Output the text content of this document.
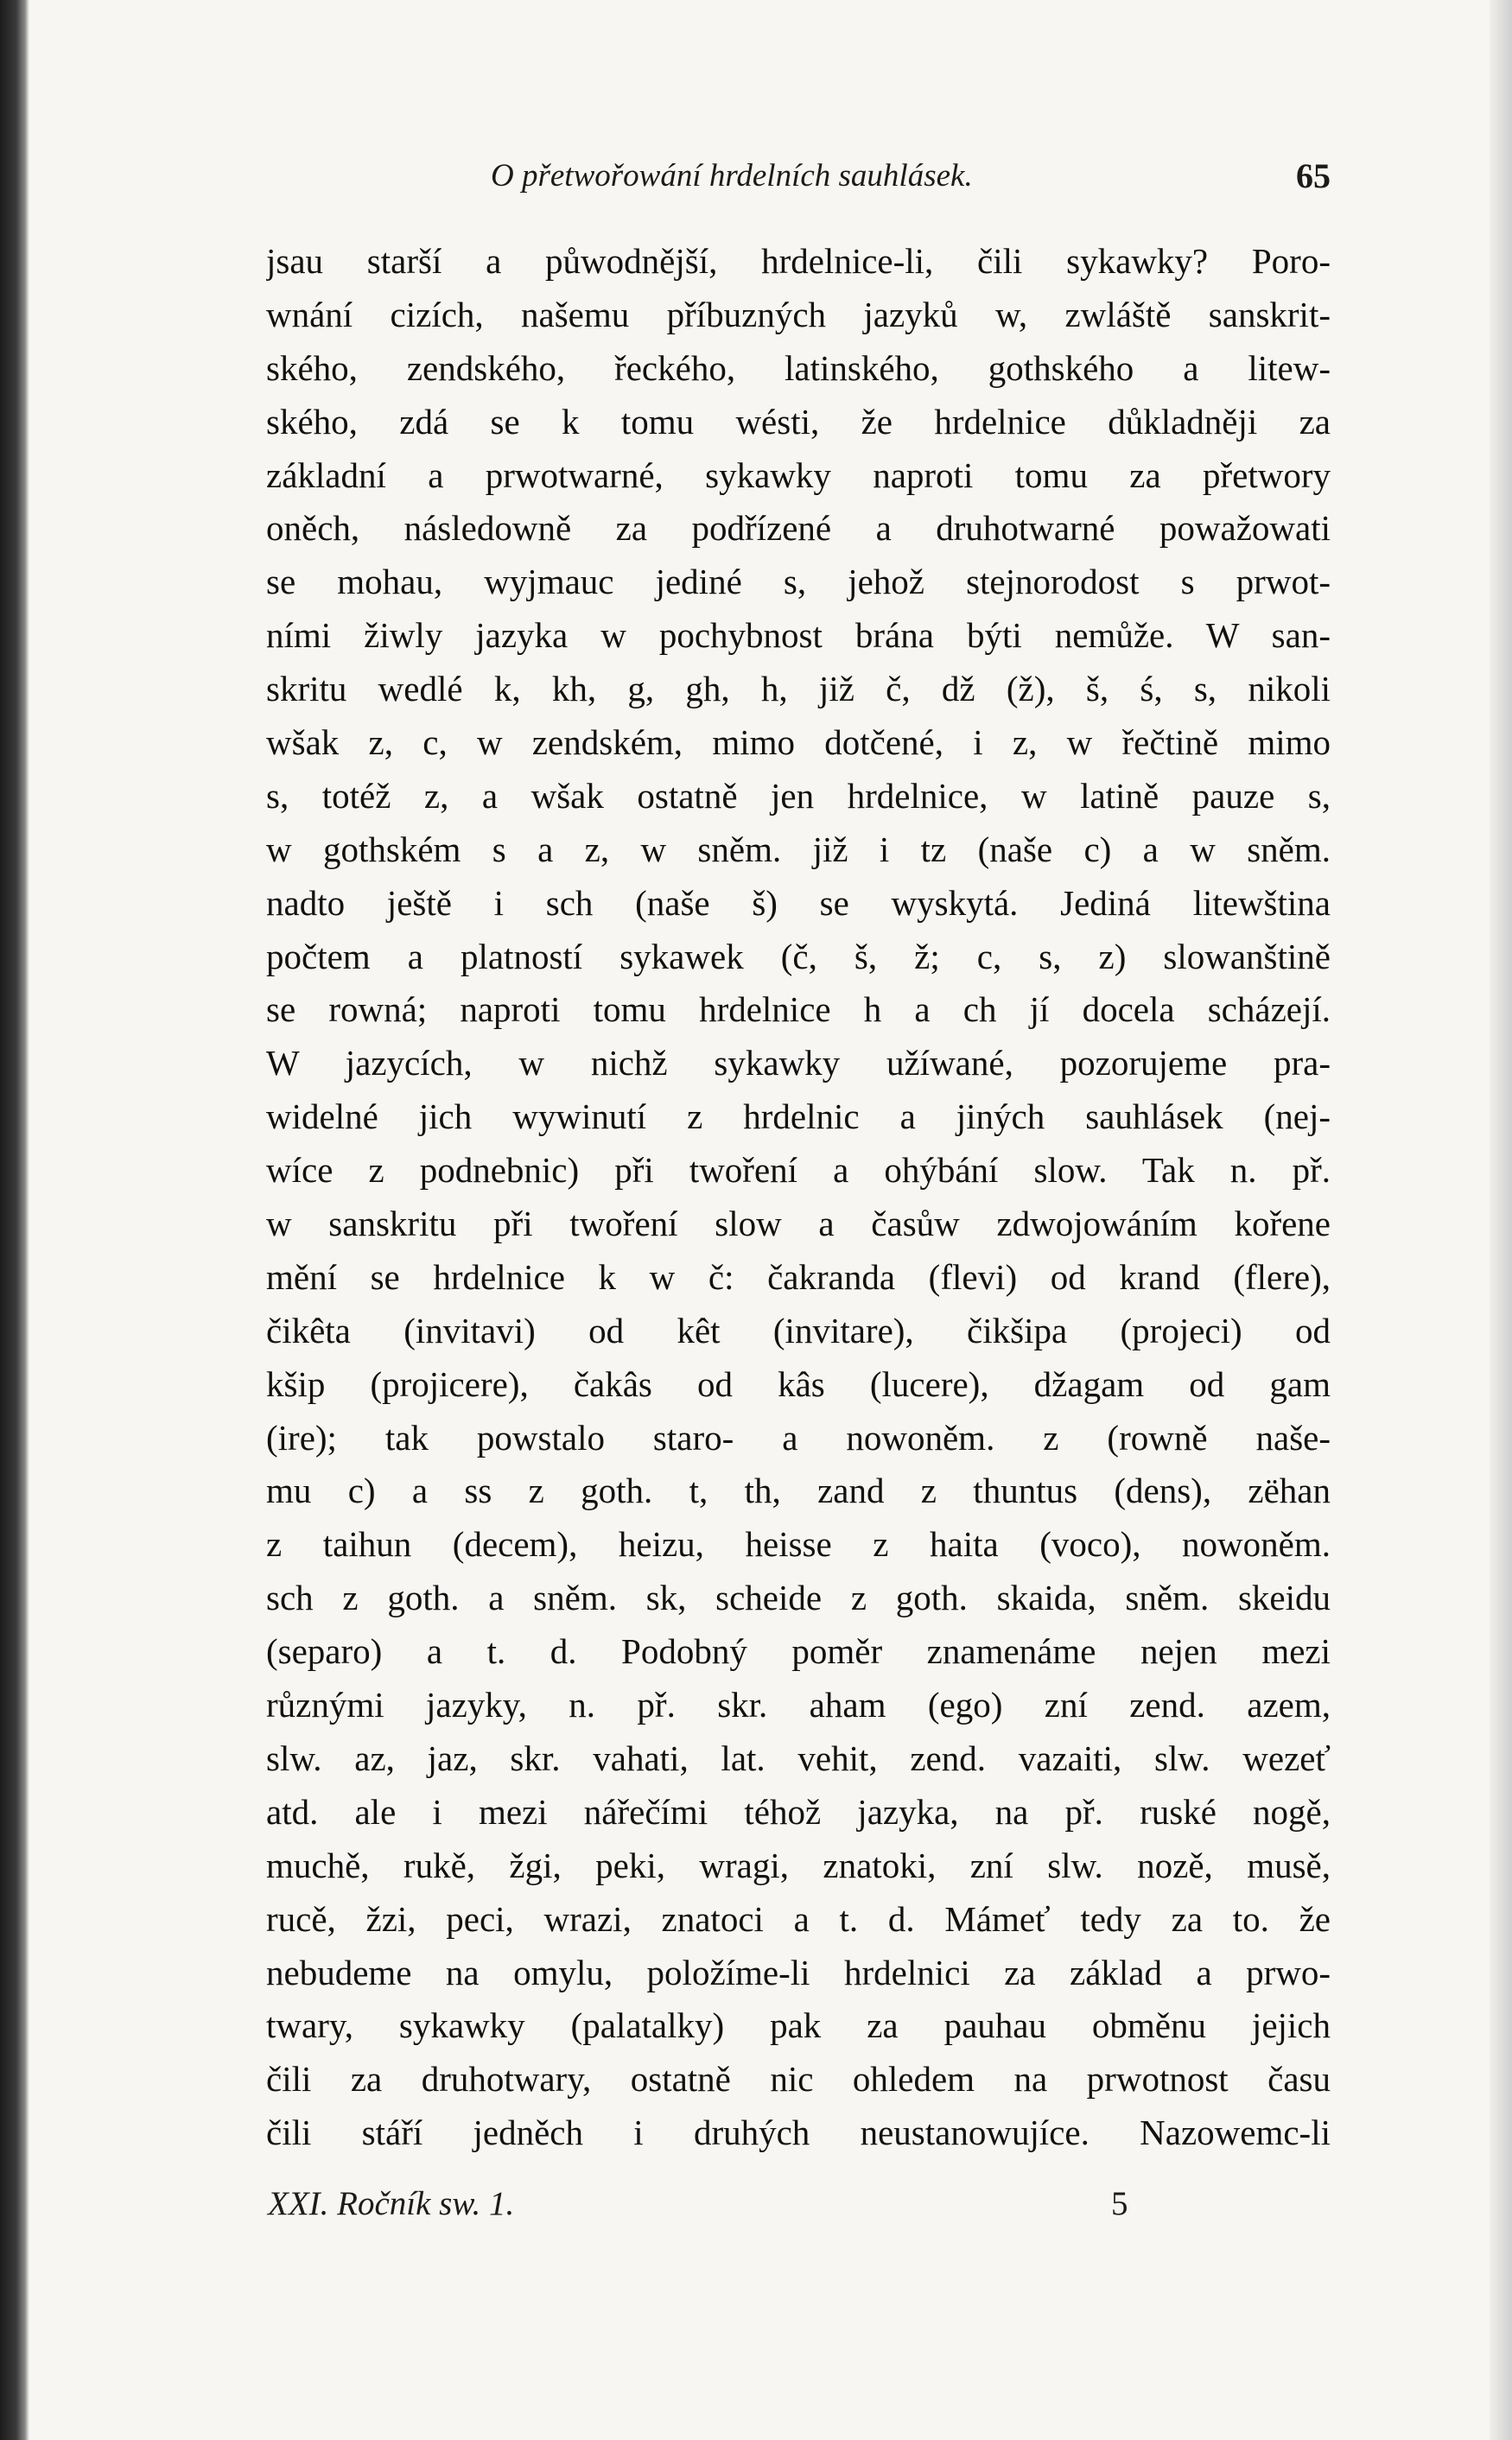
O přetwořowání hrdelních sauhlásek.	65
jsau starší a půwodnější, hrdelnice-li, čili sykawky? Poro-
wnání cizích, našemu příbuzných jazyků w, zwláště sanskrit-
ského, zendského, řeckého, latinského, gothského a litew-
ského, zdá se k tomu wésti, že hrdelnice důkladněji za
základní a prwotwarné, sykawky naproti tomu za přetwory
oněch, následowně za podřízené a druhotwarné powažowati
se mohau, wyjmauc jediné s, jehož stejnorodost s prwot-
ními žiwly jazyka w pochybnost brána býti nemůže. W san-
skritu wedlé k, kh, g, gh, h, již č, dž (ž), š, ś, s, nikoli
wšak z, c, w zendském, mimo dotčené, i z, w řečtině mimo
s, totéž z, a wšak ostatně jen hrdelnice, w latině pauze s,
w gothském s a z, w sněm. již i tz (naše c) a w sněm.
nadto ještě i sch (naše š) se wyskytá. Jediná litewština
počtem a platností sykawek (č, š, ž; c, s, z) slowanštině
se rowná; naproti tomu hrdelnice h a ch jí docela scházejí.
W jazycích, w nichž sykawky užíwané, pozorujeme pra-
widelné jich wywinutí z hrdelnic a jiných sauhlásek (nej-
wíce z podnebnic) při twoření a ohýbání slow. Tak n. př.
w sanskritu při twoření slow a časůw zdwojowáním kořene
mění se hrdelnice k w č: čakranda (flevi) od krand (flere),
čikêta (invitavi) od kêt (invitare), čikšipa (projeci) od
kšip (projicere), čakâs od kâs (lucere), džagam od gam
(ire); tak powstalo staro- a nowoněm. z (rowně naše-
mu c) a ss z goth. t, th, zand z thuntus (dens), zëhan
z taihun (decem), heizu, heisse z haita (voco), nowoněm.
sch z goth. a sněm. sk, scheide z goth. skaida, sněm. skeidu
(separo) a t. d. Podobný poměr znamenáme nejen mezi
různými jazyky, n. př. skr. aham (ego) zní zend. azem,
slw. az, jaz, skr. vahati, lat. vehit, zend. vazaiti, slw. wezeť
atd. ale i mezi nářečími téhož jazyka, na př. ruské nogě,
muchě, rukě, žgi, peki, wragi, znatoki, zní slw. nozě, musě,
rucě, žzi, peci, wrazi, znatoci a t. d. Mámeť tedy za to. že
nebudeme na omylu, položíme-li hrdelnici za základ a prwo-
twary, sykawky (palatalky) pak za pauhau obměnu jejich
čili za druhotwary, ostatně nic ohledem na prwotnost času
čili stáří jedněch i druhých neustanowujíce. Nazowemc-li
XXI. Ročník sw. 1.	5
